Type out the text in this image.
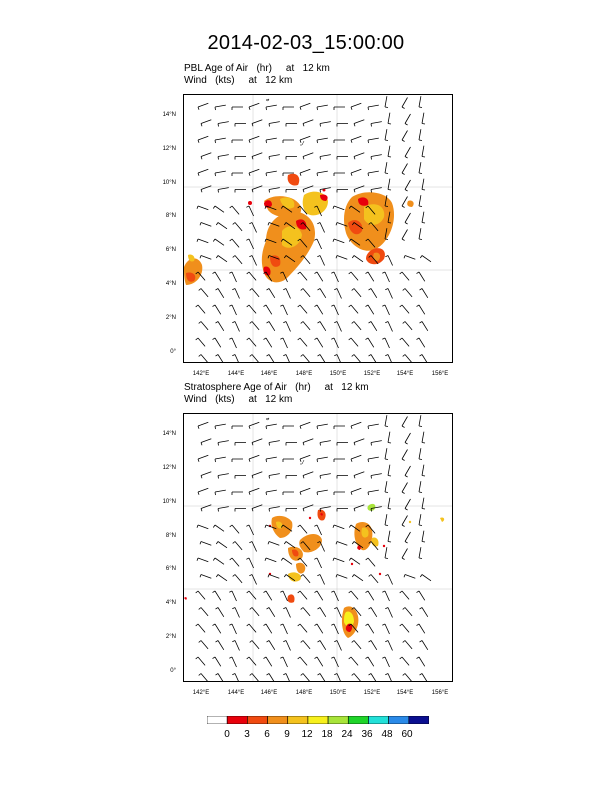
2014-02-03_15:00:00
PBL Age of Air   (hr)     at   12 km
Wind   (kts)     at   12 km
14°N
12°N
10°N
8°N
6°N
4°N
2°N
0°
142°E	144°E	146°E	148°E	150°E	152°E	154°E	156°E
Stratosphere Age of Air   (hr)     at   12 km
Wind   (kts)     at   12 km
14°N
12°N
10°N
8°N
6°N
4°N
2°N
0°
142°E	144°E	146°E	148°E	150°E	152°E	154°E	156°E
0	3	6	9	12 18 24 36 48 60
